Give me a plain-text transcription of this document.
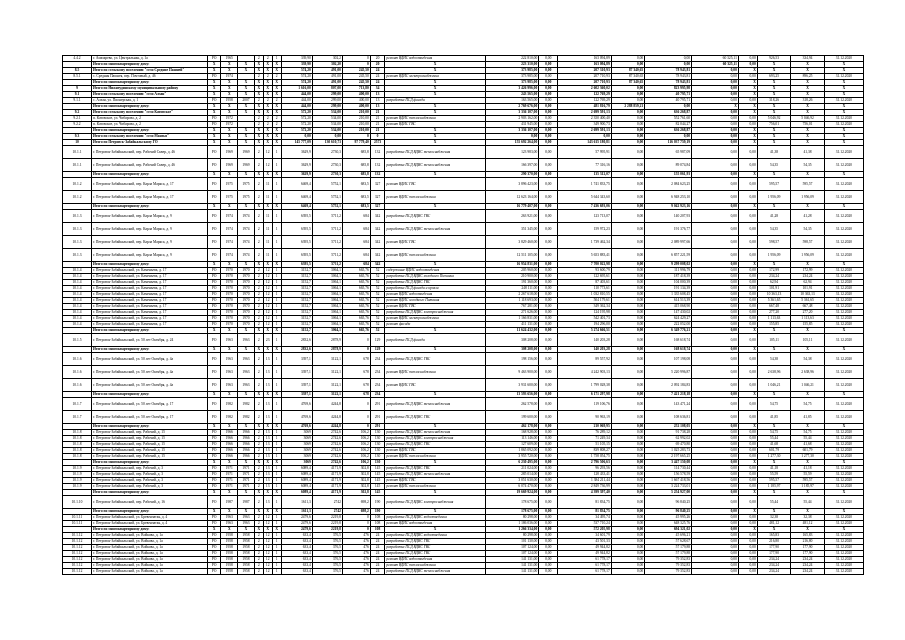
4.4.2	г. Амазарево, ул. Центральная, д. 1а	РО	1965		2	2	1	339,90	302,2	0	20	ремонт ВДИС водоотведения	222 810,00	0,00	163 094,89	0,00	0,00	60 325,11	0,00	926,53	334,94	31.12.2020
	Итого по многоквартирному дому:	X	X	X	X	X	X	339,90	302,20	0	20	X	223 310,00	0,00	163 094,89	0,00	0,00	60 325,11	0,00	X	X	X
8.5	Итого по сельскому поселению "село Средние Пашней"	X	X	X	X	X	X	574,20	491,00	245,50	24	X	373 985,00	0,00	207 310,93	87 340,65	78 943,81	0,00	X	X	X	X
8.5.1	с. Средняя Пашнея, пер. Почтовый, д. 46	РО	1974		2	2	2	574,20	491,00	245,50	24	ремонт ВДИС электроснабжения	373 985,00	0,00	207 710,93	87 340,65	78 943,81	0,00	0,00	693,25	896,25	31.12.2020
	Итого по многоквартирному дому:	X	X	X	X	X	X	574,20	491,00	245,50	24	X	373 985,00	0,00	207 710,93	87 340,65	78 943,81	0,00	X	X	X	X
9	Итого по Нижнеудинскому муниципальному району	X	X	X	X	X	X	1 616,00	807,00	713,80	34	X	3 426 996,00	0,00	2 602 360,02	0,00	823 995,98	0,00	X	X	X	X
9.1	Итого по сельскому поселению "село Алзан"	X	X	X	X	X	X	444,00	299,00	400,00	13	X	243 565,00	0,00	122 769,29	0,00	40 795,71	0,00	X	X	X	X
9.1.1	с. Алзан, ул. Пионерская, д. 1	РО	1958	2007	2	2	2	444,00	299,00	400,00	13	разработка ПСД фасада	163 565,00	0,00	122 769,29	0,00	40 795,71	0,00	0,00	318,26	318,26	31.12.2020
	Итого по многоквартирному дому:	X	X	X	X	X	X	444,00	299,00	400,00	13	X	2 769 676,00	0,00	481 816,79	2 288 859,21	0,00	X	X	X	X	X
9.2	Итого по сельскому поселению "село Катовское"	X	X	X	X	X	X	572,20	534,00	210,00	21	X	3 336 107,00	0,00	2 699 591,13	0,00	636 268,87	0,00	X	X	X	X
9.2.1	п. Катовское, ул. Чибарова, д. 2	РО	1972		2	2	2	572,20	534,00	210,00	21	ремонт ВДИС теплоснабжения	2 903 162,00	0,00	2 350 400,40	0,00	552 761,60	0,00	0,00	5 046,92	5 046,92	31.12.2020
9.2.2	п. Катовское, ул. Чибарова, д. 2	РО	1972		2	2	2	572,20	534,00	210,00	21	ремонт ВДИС ГВС	431 945,00	0,00	349 900,73	0,00	82 044,27	0,00	0,00	756,01	756,01	31.12.2020
	Итого по многоквартирному дому:	X	X	X	X	X	X	572,20	534,00	210,00	21	X	3 336 107,00	0,00	2 699 591,13	0,00	636 268,87	0,00	X	X	X	X
9.3	Итого по сельскому поселению "село Манзья"	X	X	X	X	X	X	0,00	0,00	0	0	X	0,00	0,00	0,00	0,00	0,00	0,00	X	X	X	X
10	Итого по Петровск-Забайкальскому ГО	X	X	X	X	X	X	145 777,09	130 610,73	97 779,40	2573	X	155 692 264,00	0,00	143 615 180,81	0,00	116 037 759,19	0,00	X	X	X	X
10.1.1	г. Петровск-Забайкальский, пер. Рабочий Сквер, д. 46	РО	1969	1969	2	12	1	3629,9	2730,3	685,8	132	разработка ПСД ВДИС теплоснабжения	123 983,00	0,00	57 995,91	0,00	65 987,09	0,00	0,00	41,38	41,38	31.12.2020
10.1.1	г. Петровск-Забайкальский, пер. Рабочий Сквер, д. 46	РО	1969	1969	2	12	1	3629,9	2730,3	685,8	132	разработка ПСД ВДИС теплоснабжения	166 397,00	0,00	77 316,16	0,00	89 074,84	0,00	0,00	54,35	54,35	31.12.2020
	Итого по многоквартирному дому:	X	X	X	X	X	X	3629,9	2730,3	685,8	132	X	290 370,00	0,00	135 312,07	0,00	155 061,93	0,00	X	X	X	X
10.1.2	г. Петровск-Забайкальский, пер. Карла Маркса, д. 17	РО	1975	1975	2	11	1	6469,4	5752,1	683,5	327	ремонт ВДИС ГВС	3 896 423,00	0,00	1 741 833,75	0,00	2 084 623,25	0,00	0,00	595,57	595,57	31.12.2020
10.1.2	г. Петровск-Забайкальский, пер. Карла Маркса, д. 17	РО	1975	1975	2	11	1	6469,4	5752,1	683,5	327	ремонт ВДИС теплоснабжения	12 623 164,00	0,00	5 644 343,60	0,00	6 948 253,10	0,00	0,00	1 956,09	1 956,09	31.12.2020
	Итого по многоквартирному дому:	X	X	X	X	X	X	6469,4	5752,1	683,5	327	X	16 779 407,00	0,00	7 436 693,06	0,00	9 042 923,16	0,00	X	X	X	X
10.1.3	г. Петровск-Забайкальский, пер. Карла Маркса, д. 9	РО	1974	1974	2	11	1	6395,5	5711,2	684	342	разработка ПСД ВДИС ГВС	263 921,00	0,00	123 713,07	0,00	140 207,93	0,00	0,00	41,28	41,28	31.12.2020
10.1.3	г. Петровск-Забайкальский, пер. Карла Маркса, д. 9	РО	1974	1974	2	11	1	6395,5	5711,2	684	342	разработка ПСД ВДИС теплоснабжения	351 345,00	0,00	159 972,23	0,00	191 376,77	0,00	0,00	54,35	54,35	31.12.2020
10.1.3	г. Петровск-Забайкальский, пер. Карла Маркса, д. 9	РО	1974	1974	2	11	1	6395,5	5711,2	684	342	ремонт ВДИС ГВС	3 829 460,00	0,00	1 739 462,34	0,00	2 089 997,66	0,00	0,00	598,57	598,57	31.12.2020
10.1.3	г. Петровск-Забайкальский, пер. Карла Маркса, д. 9	РО	1974	1974	2	11	1	6395,5	5711,2	684	342	ремонт ВДИС теплоснабжения	12 511 105,00	0,00	5 653 883,41	0,00	6 857 221,59	0,00	0,00	1 956,09	1 956,09	31.12.2020
	Итого по многоквартирному дому:	X	X	X	X	X	X	6395,5	5711,2	684	342	X	16 954 831,00	0,00	7 700 022,98	0,00	9 299 008,02	0,00	X	X	X	X
10.1.4	г. Петровск-Забайкальский, ул. Каменьева, д. 17	РО	1970	1970	2	12	1	3152,7	3064,1	665,76	52	содержание ВДИС водоотведения	205 960,00	0,00	93 600,79	0,00	111 996,79	0,00	0,00	172,99	172,99	31.12.2020
10.1.4	г. Петровск-Забайкальский, ул. Каменьева, д. 17	РО	1970	1970	2	12	1	3152,7	3064,1	665,76	52	разработка ПСД ВДИС холодного Питания	210 900,00	0,00	122 695,61	0,00	187 418,39	0,00	0,00	234,24	234,24	31.12.2020
10.1.4	г. Петровск-Забайкальский, ул. Каменьева, д. 17	РО	1970	1970	2	12	1	3152,7	3064,1	665,76	52	разработка ПСД ВДИС ГВС	191 360,00	0,00	87 403,61	0,00	104 000,39	0,00	0,00	62,94	62,94	31.12.2020
10.1.4	г. Петровск-Забайкальский, ул. Каменьева, д. 17	РО	1970	1970	2	12	1	3152,7	3064,1	665,76	52	разработка ПСД фасада и кровли	248 111,00	0,00	110 773,61	0,00	191 134,39	0,00	0,00	101,91	101,91	31.12.2020
10.1.4	г. Петровск-Забайкальский, ул. Каменьева, д. 17	РО	1970	1970	2	12	1	3152,7	3064,1	665,76	52	ремонт ВДИС водоотведения	2 267 618,00	0,00	1 032 810,55	0,00	1 335 608,45	0,00	0,00	10 363,13	10 363,13	31.12.2020
10.1.4	г. Петровск-Забайкальский, ул. Каменьева, д. 17	РО	1970	1970	2	12	1	3152,7	3064,1	665,76	52	ремонт ВДИС холодного Питания	1 118 693,00	0,00	504 179,61	0,00	614 513,39	0,00	0,00	5 361,65	5 361,65	31.12.2020
10.1.4	г. Петровск-Забайкальский, ул. Каменьева, д. 17	РО	1970	1970	2	12	1	3152,7	3064,1	665,76	52	ремонт ВДИС ГВС	767 281,00	0,00	349 362,34	0,00	415 068,90	0,00	0,00	667,48	667,48	31.12.2020
10.1.4	г. Петровск-Забайкальский, ул. Каменьева, д. 17	РО	1970	1970	2	12	1	3152,7	3064,1	665,76	52	разработка ПСД ВДИС электроснабжения	271 626,00	0,00	124 195,98	0,00	147 430,02	0,00	0,00	277,20	277,20	31.12.2020
10.1.4	г. Петровск-Забайкальский, ул. Каменьева, д. 17	РО	1970	1970	2	12	1	3152,7	3064,1	665,76	52	ремонт ВДИС электроснабжения	1 166 831,00	0,00	542 401,73	0,00	624 429,27	0,00	0,00	1 113,63	1 113,63	31.12.2020
10.1.4	г. Петровск-Забайкальский, ул. Каменьева, д. 17	РО	1970	1970	2	12	1	3152,7	3064,1	665,76	52	ремонт фасада	411 131,00	0,00	194 296,00	0,00	222 052,00	0,00	0,00	155,85	155,85	31.12.2020
	Итого по многоквартирному дому:	X	X	X	X	X	X	3152,7	3064,1	665,76	52	X	11 624 432,00	0,00	5 274 666,51	0,00	6 349 776,21	0,00	X	X	X	X
10.1.5	г. Петровск-Забайкальский, ул. 50 лет Октября, д. 24	РО	1963	1963	2	23	1	2832,6	2878,9	0	129	разработка ПСД фасада	308 208,00	0,00	140 203,28	0,00	168 618,74	0,00	0,00	105,11	105,11	31.12.2020
	Итого по многоквартирному дому:	X	X	X	X	X	X	2832,6	2878,9	0	129	X	308 208,00	0,00	140 203,28	0,00	168 618,74	0,00	X	X	X	X
10.1.6	г. Петровск-Забайкальский, ул. 50 лет Октября, д. 4а	РО	1963	1963	2	13	1	3397,1	3122,1	678	234	разработка ПСД ВДИС ГВС	198 156,00	0,00	89 557,92	0,00	107 198,08	0,00	0,00	54,38	54,38	31.12.2020
10.1.6	г. Петровск-Забайкальский, ул. 50 лет Октября, д. 4а	РО	1963	1963	2	13	1	3397,1	3122,1	678	234	ремонт ВДИС теплоснабжения	9 463 900,00	0,00	4 242 903,13	0,00	5 220 996,87	0,00	0,00	2 638,96	2 638,96	31.12.2020
10.1.6	г. Петровск-Забайкальский, ул. 50 лет Октября, д. 4а	РО	1963	1963	2	13	1	3397,1	3122,1	678	234	ремонт ВДИС ГВС	3 931 600,00	0,00	1 799 028,38	0,00	2 092 184,83	0,00	0,00	1 046,21	1 046,21	31.12.2020
	Итого по многоквартирному дому:	X	X	X	X	X	X	3397,1	3122,1	678	234	X	13 593 656,00	0,00	6 171 297,98	0,00	7 421 218,18	0,00	X	X	X	X
10.1.7	г. Петровск-Забайкальский, ул. 50 лет Октября, д. 17	РО	1982	1982	2	13	1	4769,6	4244,8	0	291	разработка ПСД ВДИС теплоснабжения	262 578,00	0,00	119 106,76	0,00	143 471,24	0,00	0,00	54,75	54,75	31.12.2020
10.1.7	г. Петровск-Забайкальский, ул. 50 лет Октября, д. 17	РО	1982	1982	2	13	1	4769,6	4244,8	0	291	разработка ПСД ВДИС ГВС	199 600,00	0,00	90 963,19	0,00	108 636,81	0,00	0,00	41,85	41,85	31.12.2020
	Итого по многоквартирному дому:	X	X	X	X	X	X	4769,6	4244,8	0	291	X	462 178,00	0,00	210 069,95	0,00	252 108,05	0,00	X	X	X	X
10.1.8	г. Петровск-Забайкальский, пер. Рабочий, д. 15	РО	1966	1966	2	13	1	3069	2742,6	106,2	130	разработка ПСД ВДИС теплоснабжения	168 928,00	0,00	76 289,12	0,00	91 738,28	0,00	0,00	54,75	54,75	31.12.2020
10.1.8	г. Петровск-Забайкальский, пер. Рабочий, д. 15	РО	1966	1966	2	13	1	3069	2742,6	106,2	130	разработка ПСД ВДИС электроснабжения	113 146,00	0,00	71 249,34	0,00	62 992,02	0,00	0,00	55,44	55,44	31.12.2020
10.1.8	г. Петровск-Забайкальский, пер. Рабочий, д. 15	РО	1966	1966	2	13	1	3069	2742,6	106,2	130	разработка ПСД ВДИС ГВС	127 609,00	0,00	51 105,15	0,00	69 470,80	0,00	0,00	41,68	41,68	31.12.2020
10.1.8	г. Петровск-Забайкальский, пер. Рабочий, д. 15	РО	1966	1966	2	13	1	3069	2742,6	106,2	130	ремонт ВДИС ГВС	1 865 092,00	0,00	839 808,27	0,00	1 025 283,73	0,00	0,00	601,79	601,79	31.12.2020
10.1.8	г. Петровск-Забайкальский, пер. Рабочий, д. 15	РО	1966	1966	2	13	1	3069	2742,6	106,2	130	ремонт ВДИС теплоснабжения	3 955 720,00	0,00	1 758 054,75	0,00	2 197 665,25	0,00	0,00	1 277,30	1 277,30	31.12.2020
	Итого по многоквартирному дому:	X	X	X	X	X	X	3069	2742,6	106,2	130	X	6 230 495,00	0,00	2 796 506,63	0,00	3 447 150,08	0,00	X	X	X	X
10.1.9	г. Петровск-Забайкальский, пер. Рабочий, д. 3	РО	1971	1971	2	13	1	6089,4	4171,9	302,8	145	разработка ПСД ВДИС ГВС	211 024,00	0,00	96 293,56	0,00	114 730,44	0,00	0,00	41,18	41,18	31.12.2020
10.1.9	г. Петровск-Забайкальский, пер. Рабочий, д. 3	РО	1971	1971	2	13	1	6089,4	4171,9	302,8	145	разработка ПСД ВДИС теплоснабжения	285 014,00	0,00	128 433,41	0,00	156 578,59	0,00	0,00	55,59	55,59	31.12.2020
10.1.9	г. Петровск-Забайкальский, пер. Рабочий, д. 3	РО	1971	1971	2	13	1	6089,4	4171,9	302,8	145	ремонт ВДИС ГВС	3 051 630,00	0,00	1 384 211,44	0,00	1 667 418,56	0,00	0,00	595,57	595,57	31.12.2020
10.1.9	г. Петровск-Забайкальский, пер. Рабочий, д. 3	РО	1971	1971	2	13	1	6089,4	4171,9	302,8	145	ремонт ВДИС теплоснабжения	6 074 470,00	0,00	2 849 736,99	0,00	3 224 733,01	0,00	0,00	1 185,97	1 185,97	31.12.2020
	Итого по многоквартирному дому:	X	X	X	X	X	X	6089,4	4171,9	302,8	145	X	19 669 924,00	0,00	4 399 397,40	0,00	5 254 927,00	0,00	X	X	X	X
10.1.10	г. Петровск-Забайкальский, пер. Рабочий, д. 16	РО	1987	1987	2	13	1	1611,3	2742	698,2	190	разработка ПСД ВДИС электроснабжения	178 675,00	0,00	81 834,75	0,00	96 840,25	0,00	0,00	55,44	55,44	31.12.2020
	Итого по многоквартирному дому:	X	X	X	X	X	X	1611,3	2742	698,2	190	X	178 675,00	0,00	81 834,75	0,00	96 840,25	0,00	X	X	X	X
10.1.11	г. Петровск-Забайкальский, ул. Бревенчатая, д. 4	РО	1963	1963	2	12	1	2479,6	2219,8	0	108	разработка ПСД ВДИС водоотведения	80 298,00	0,00	34 495,74	0,00	45 995,26	0,00	0,00	32,38	32,38	31.12.2020
10.1.11	г. Петровск-Забайкальский, ул. Бревенчатая, д. 4	РО	1963	1963	2	12	1	2479,6	2219,8	0	108	ремонт ВДИС водоотведения	1 186 036,00	0,00	537 710,24	0,00	648 325,76	0,00	0,00	481,12	481,12	31.12.2020
	Итого по многоквартирному дому:	X	X	X	X	X	X	2479,6	2219,8	0	108	X	1 266 334,00	0,00	572 205,98	0,00	694 321,02	0,00	X	X	X	X
10.1.12	г. Петровск-Забайкальский, ул. Войкова, д. 1а	РО	1958	1958	2	12	1	633,4	376,5	476	24	разработка ПСД ВДИС водоотведения	80 298,00	0,00	34 601,79	0,00	45 696,21	0,00	0,00	165,83	165,83	31.12.2020
10.1.12	г. Петровск-Забайкальский, ул. Войкова, д. 1а	РО	1958	1958	2	12	1	633,4	376,5	476	24	разработка ПСД ВДИС ГВС	101 130,00	0,00	43 501,33	0,00	57 628,67	0,00	0,00	216,80	216,80	31.12.2020
10.1.12	г. Петровск-Забайкальский, ул. Войкова, д. 1а	РО	1958	1958	2	12	1	633,4	376,5	476	24	разработка ПСД ВДИС ГВС	107 124,00	0,00	49 944,82	0,00	57 179,88	0,00	0,00	177,90	177,90	31.12.2020
10.1.12	г. Петровск-Забайкальский, ул. Войкова, д. 1а	РО	1958	1958	2	12	1	633,4	376,5	476	24	разработка ПСД ВДИС ГВС	107 124,00	0,00	49 944,82	0,00	57 179,88	0,00	0,00	177,90	177,90	31.12.2020
10.1.12	г. Петровск-Забайкальский, ул. Войкова, д. 1а	РО	1958	1958	2	12	1	633,4	376,5	476	24	ремонт ВДИС водоотведения	141 131,00	0,00	61 778,17	0,00	79 352,83	0,00	0,00	234,24	234,24	31.12.2020
10.1.12	г. Петровск-Забайкальский, ул. Войкова, д. 1а	РО	1958	1958	2	12	1	633,4	376,5	476	24	ремонт ВДИС теплоснабжения	141 131,00	0,00	61 778,17	0,00	79 352,83	0,00	0,00	234,24	234,24	31.12.2020
10.1.12	г. Петровск-Забайкальский, ул. Войкова, д. 1а	РО	1958	1958	2	12	1	633,4	376,5	476	24	разработка ПСД ВДИС теплоснабжения	141 131,00	0,00	61 778,17	0,00	79 352,83	0,00	0,00	234,24	234,24	31.12.2020
